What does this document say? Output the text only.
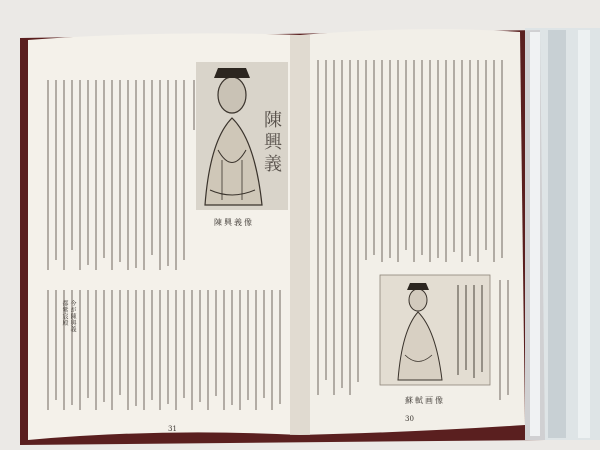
陳興義
陳興義像
31
今が陳與義
都紫宸殿
蘇軾画像
30
